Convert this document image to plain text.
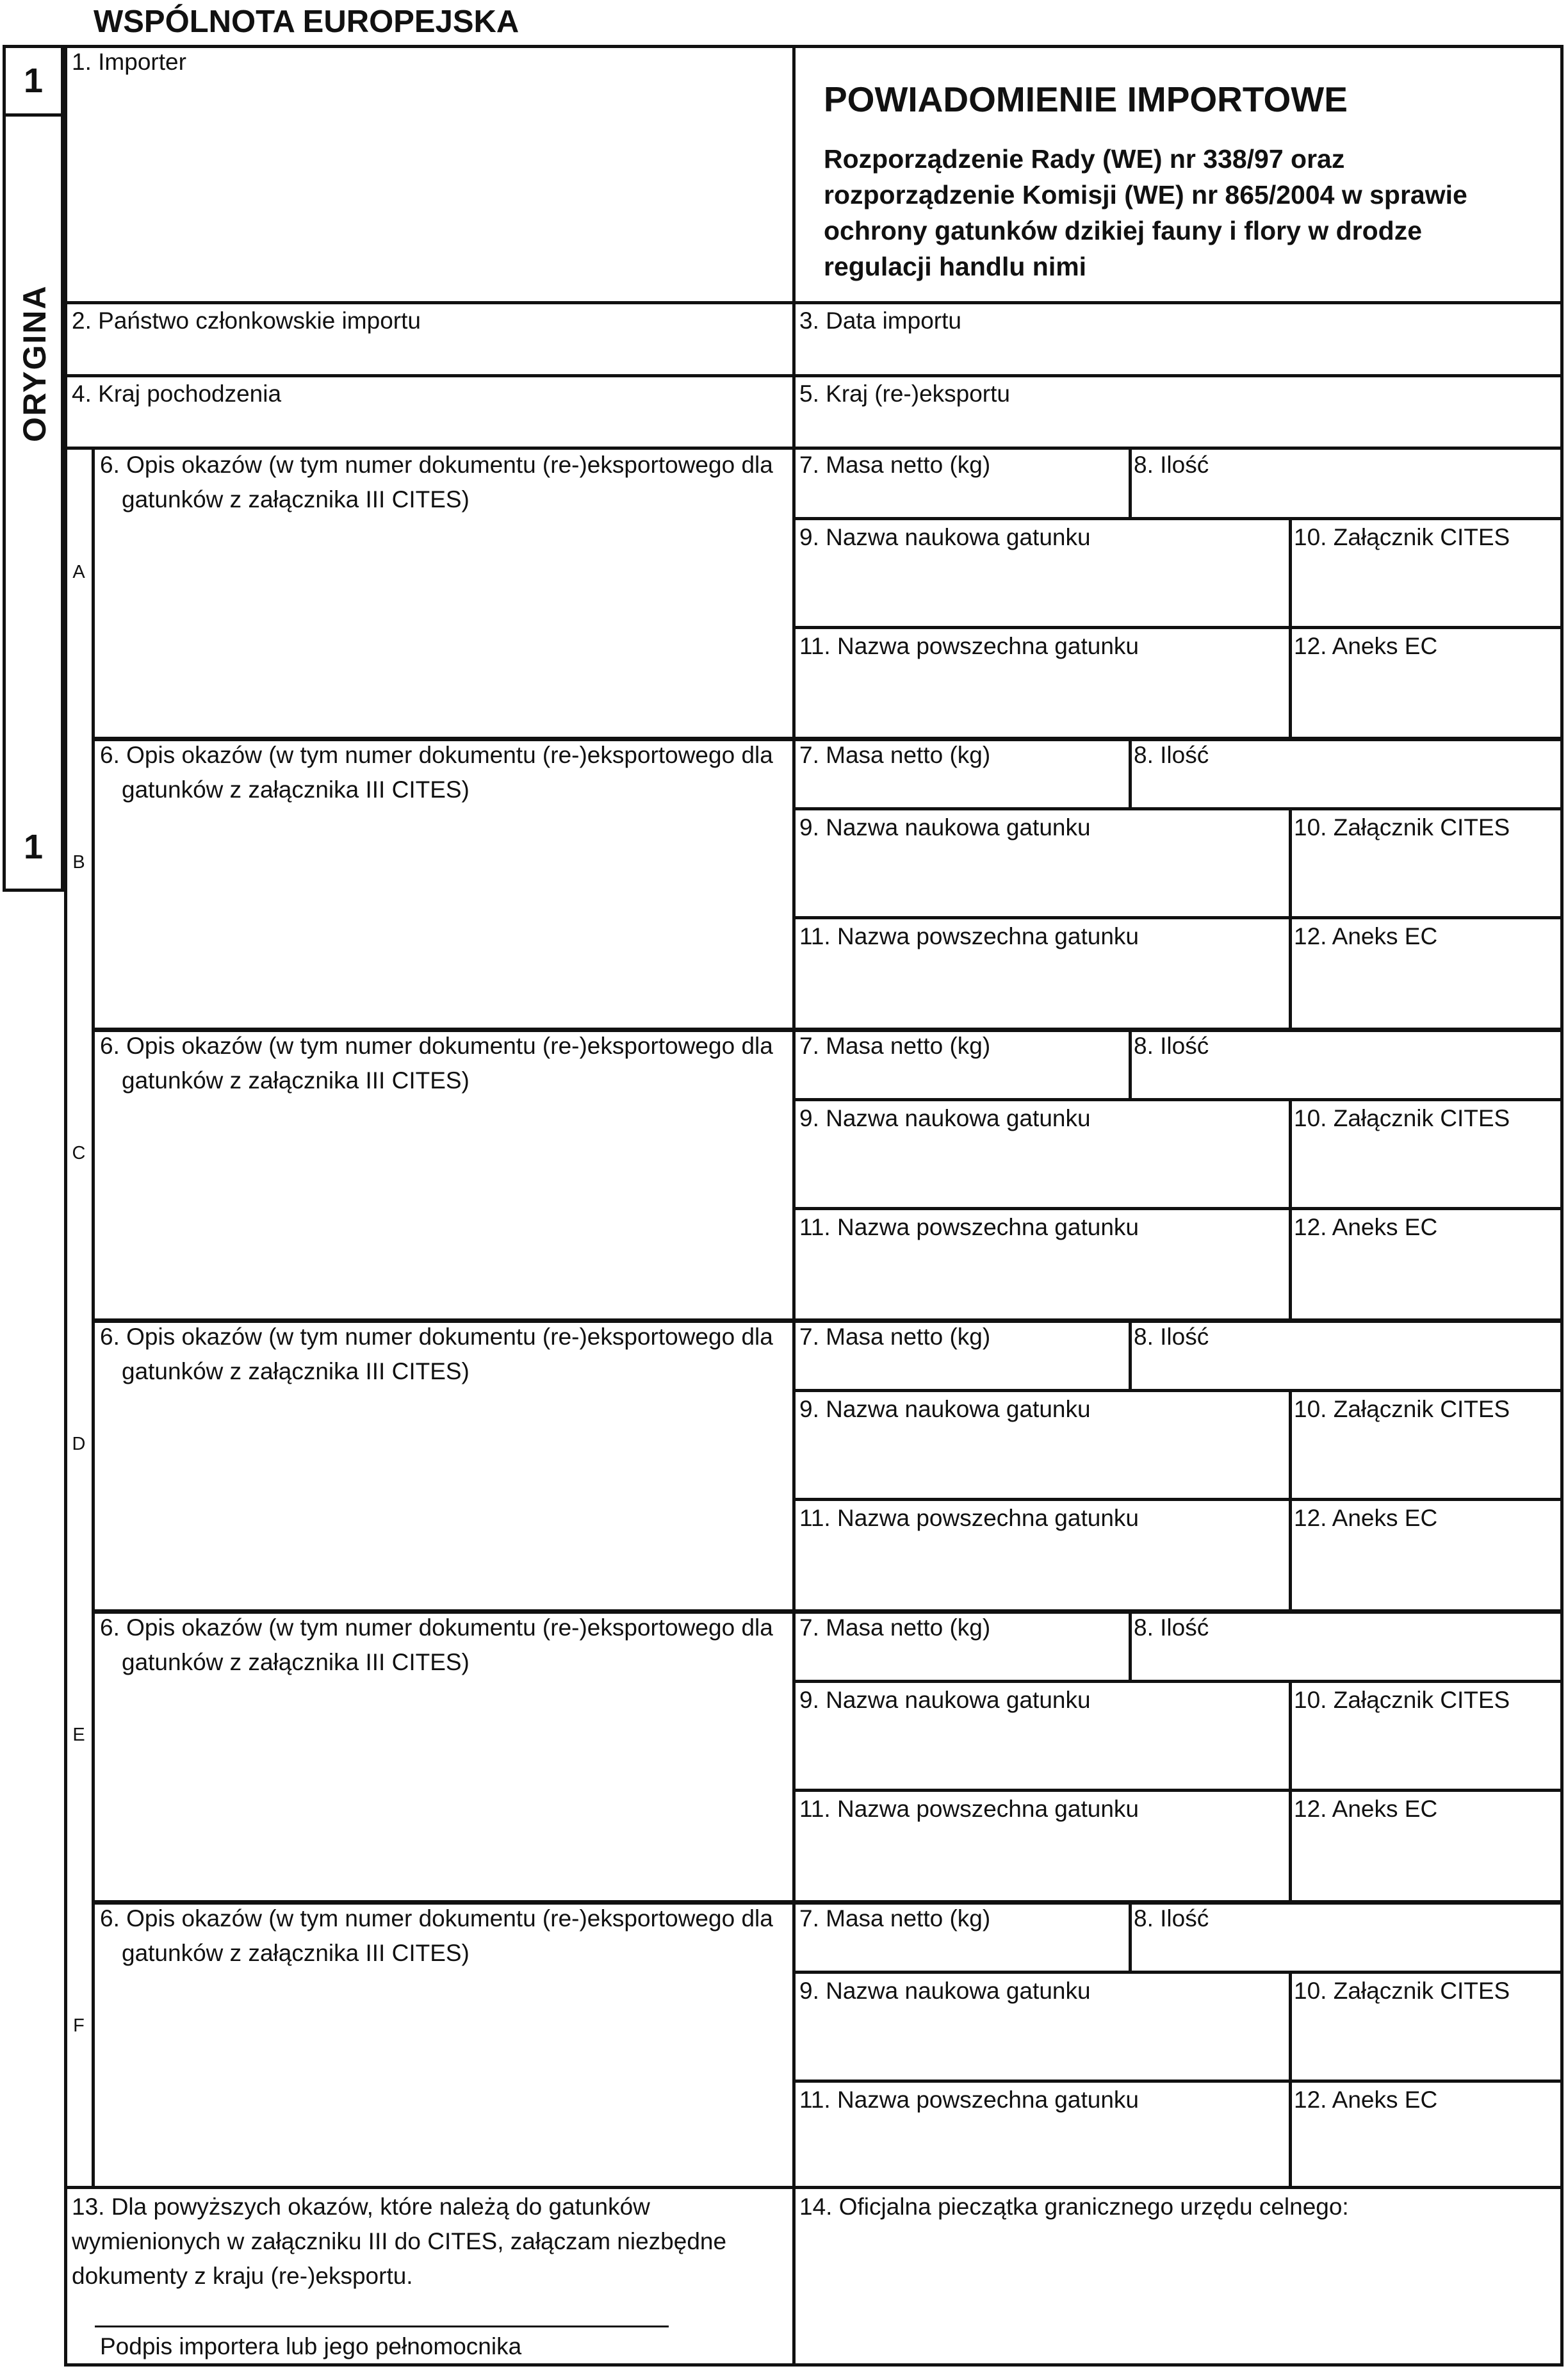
WSPÓLNOTA EUROPEJSKA
1
ORYGINA
1
1. Importer
POWIADOMIENIE IMPORTOWE
Rozporządzenie Rady (WE) nr 338/97 oraz rozporządzenie Komisji (WE) nr 865/2004 w sprawie ochrony gatunków dzikiej fauny i flory w drodze regulacji handlu nimi
2. Państwo członkowskie importu	3. Data importu
4. Kraj pochodzenia	5. Kraj (re-)eksportu
A
6. Opis okazów (w tym numer dokumentu (re-)eksportowego dla gatunków z załącznika III CITES)
7. Masa netto (kg)	8. Ilość
9. Nazwa naukowa gatunku	10. Załącznik CITES
11. Nazwa powszechna gatunku	12. Aneks EC
B
6. Opis okazów (w tym numer dokumentu (re-)eksportowego dla gatunków z załącznika III CITES)
7. Masa netto (kg)	8. Ilość
9. Nazwa naukowa gatunku	10. Załącznik CITES
11. Nazwa powszechna gatunku	12. Aneks EC
C
6. Opis okazów (w tym numer dokumentu (re-)eksportowego dla gatunków z załącznika III CITES)
7. Masa netto (kg)	8. Ilość
9. Nazwa naukowa gatunku	10. Załącznik CITES
11. Nazwa powszechna gatunku	12. Aneks EC
D
6. Opis okazów (w tym numer dokumentu (re-)eksportowego dla gatunków z załącznika III CITES)
7. Masa netto (kg)	8. Ilość
9. Nazwa naukowa gatunku	10. Załącznik CITES
11. Nazwa powszechna gatunku	12. Aneks EC
E
6. Opis okazów (w tym numer dokumentu (re-)eksportowego dla gatunków z załącznika III CITES)
7. Masa netto (kg)	8. Ilość
9. Nazwa naukowa gatunku	10. Załącznik CITES
11. Nazwa powszechna gatunku	12. Aneks EC
F
6. Opis okazów (w tym numer dokumentu (re-)eksportowego dla gatunków z załącznika III CITES)
7. Masa netto (kg)	8. Ilość
9. Nazwa naukowa gatunku	10. Załącznik CITES
11. Nazwa powszechna gatunku	12. Aneks EC
13. Dla powyższych okazów, które należą do gatunków wymienionych w załączniku III do CITES, załączam niezbędne dokumenty z kraju (re-)eksportu.
Podpis importera lub jego pełnomocnika
14. Oficjalna pieczątka granicznego urzędu celnego:
